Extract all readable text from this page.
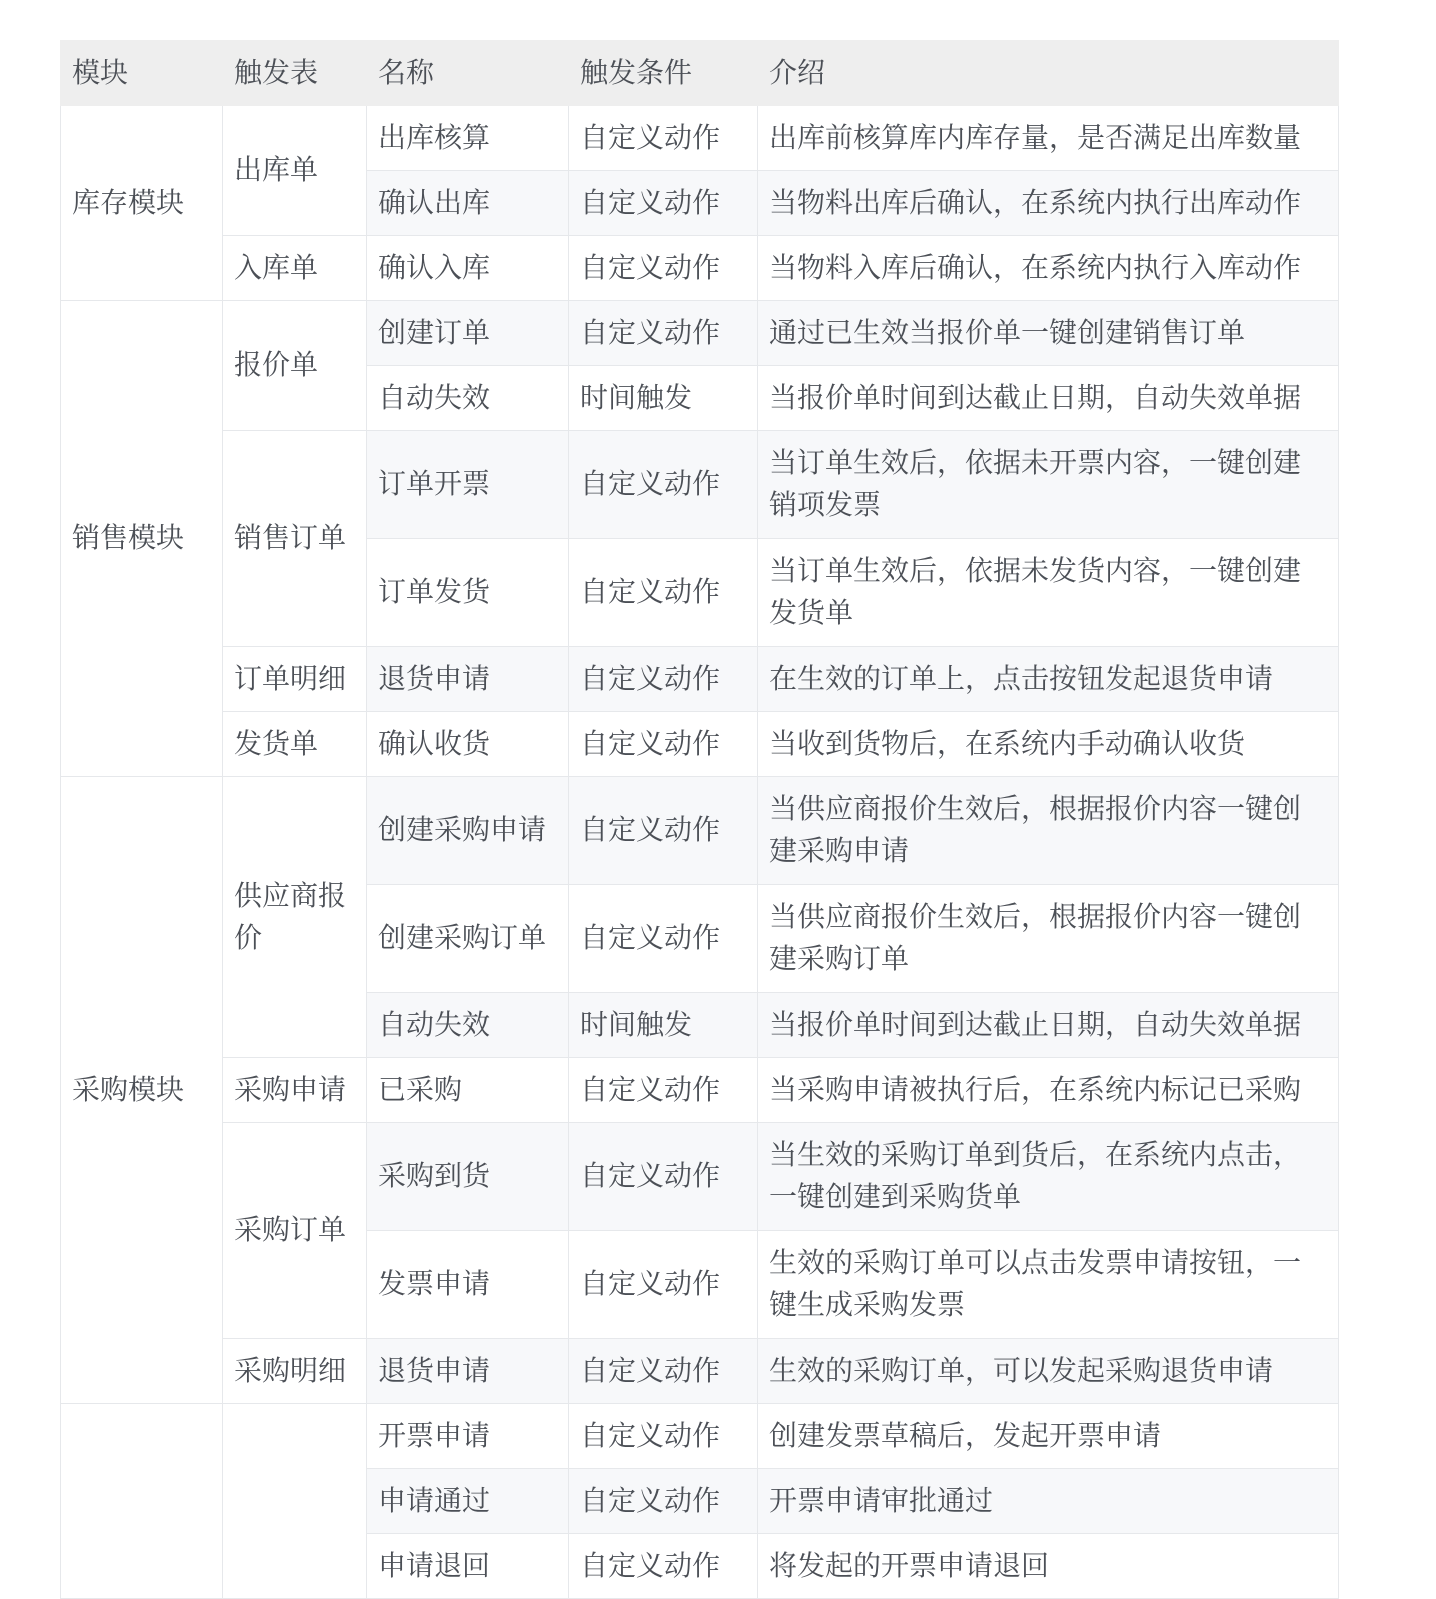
模块	触发表	名称	触发条件	介绍
库存模块	出库单	出库核算	自定义动作	出库前核算库内库存量，是否满足出库数量
		确认出库	自定义动作	当物料出库后确认，在系统内执行出库动作
	入库单	确认入库	自定义动作	当物料入库后确认，在系统内执行入库动作
销售模块	报价单	创建订单	自定义动作	通过已生效当报价单一键创建销售订单
		自动失效	时间触发	当报价单时间到达截止日期，自动失效单据
	销售订单	订单开票	自定义动作	当订单生效后，依据未开票内容，一键创建销项发票
		订单发货	自定义动作	当订单生效后，依据未发货内容，一键创建发货单
	订单明细	退货申请	自定义动作	在生效的订单上，点击按钮发起退货申请
	发货单	确认收货	自定义动作	当收到货物后，在系统内手动确认收货
采购模块	供应商报价	创建采购申请	自定义动作	当供应商报价生效后，根据报价内容一键创建采购申请
		创建采购订单	自定义动作	当供应商报价生效后，根据报价内容一键创建采购订单
		自动失效	时间触发	当报价单时间到达截止日期，自动失效单据
	采购申请	已采购	自定义动作	当采购申请被执行后，在系统内标记已采购
	采购订单	采购到货	自定义动作	当生效的采购订单到货后，在系统内点击，一键创建到采购货单
		发票申请	自定义动作	生效的采购订单可以点击发票申请按钮，一键生成采购发票
	采购明细	退货申请	自定义动作	生效的采购订单，可以发起采购退货申请
		开票申请	自定义动作	创建发票草稿后，发起开票申请
		申请通过	自定义动作	开票申请审批通过
		申请退回	自定义动作	将发起的开票申请退回
